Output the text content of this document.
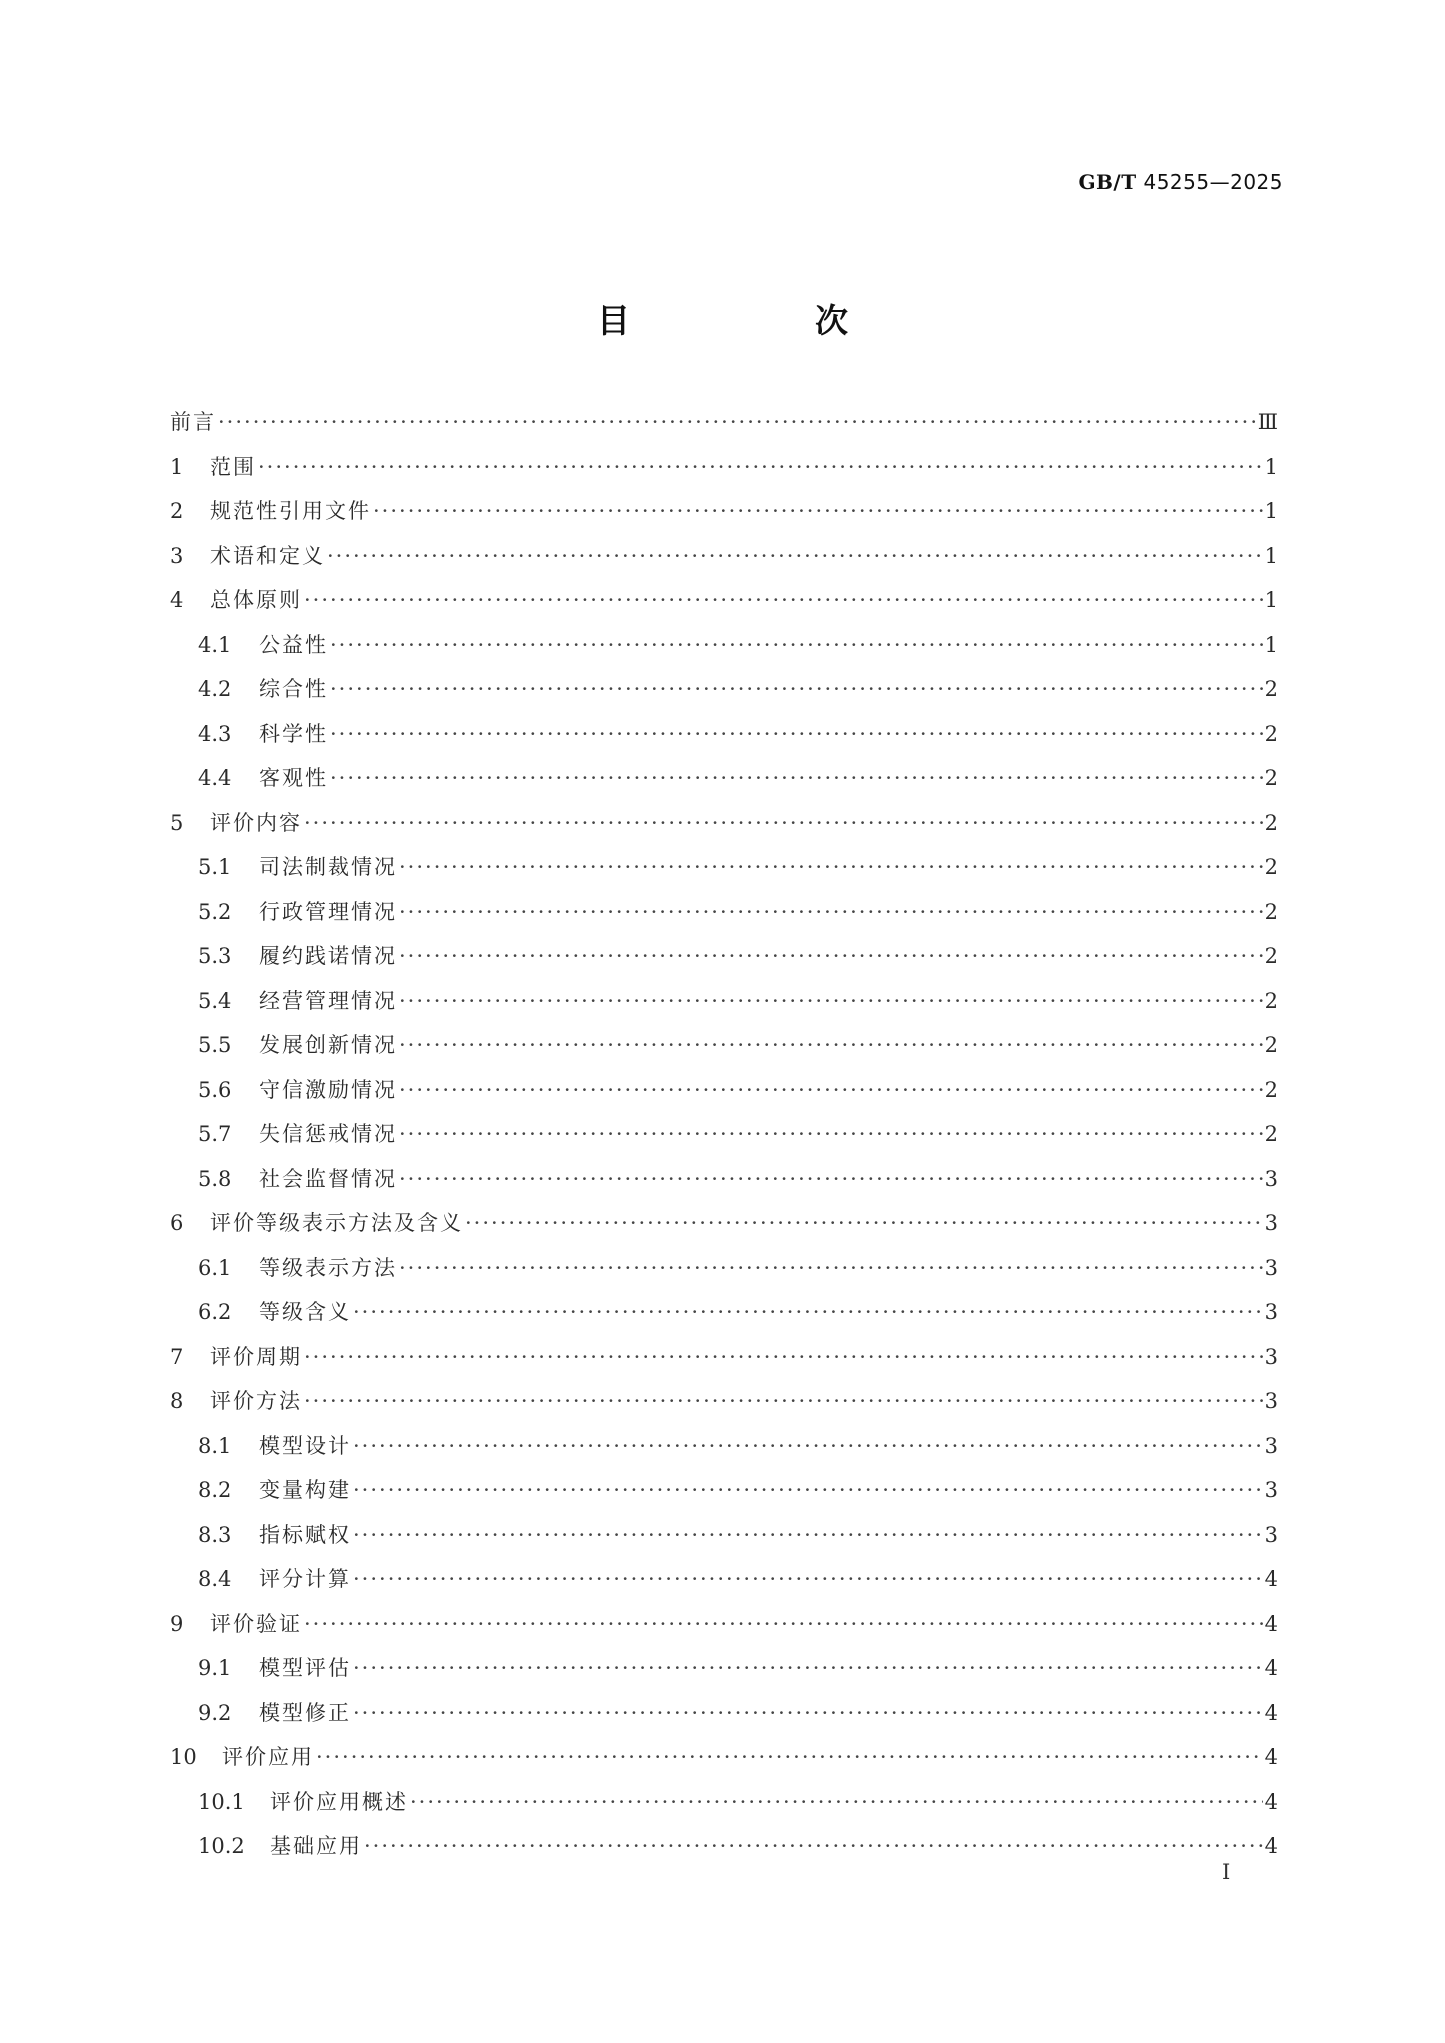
GB/T 45255—2025
目　次
前言 ·····	Ⅲ
1	范围 ·····	1
2	规范性引用文件 ·····	1
3	术语和定义 ·····	1
4	总体原则 ·····	1
4.1	公益性 ·····	1
4.2	综合性 ·····	2
4.3	科学性 ·····	2
4.4	客观性 ·····	2
5	评价内容 ·····	2
5.1	司法制裁情况 ·····	2
5.2	行政管理情况 ·····	2
5.3	履约践诺情况 ·····	2
5.4	经营管理情况 ·····	2
5.5	发展创新情况 ·····	2
5.6	守信激励情况 ·····	2
5.7	失信惩戒情况 ·····	2
5.8	社会监督情况 ·····	3
6	评价等级表示方法及含义 ·····	3
6.1	等级表示方法 ·····	3
6.2	等级含义 ·····	3
7	评价周期 ·····	3
8	评价方法 ·····	3
8.1	模型设计 ·····	3
8.2	变量构建 ·····	3
8.3	指标赋权 ·····	3
8.4	评分计算 ·····	4
9	评价验证 ·····	4
9.1	模型评估 ·····	4
9.2	模型修正 ·····	4
10	评价应用 ·····	4
10.1	评价应用概述 ·····	4
10.2	基础应用 ·····	4
I
